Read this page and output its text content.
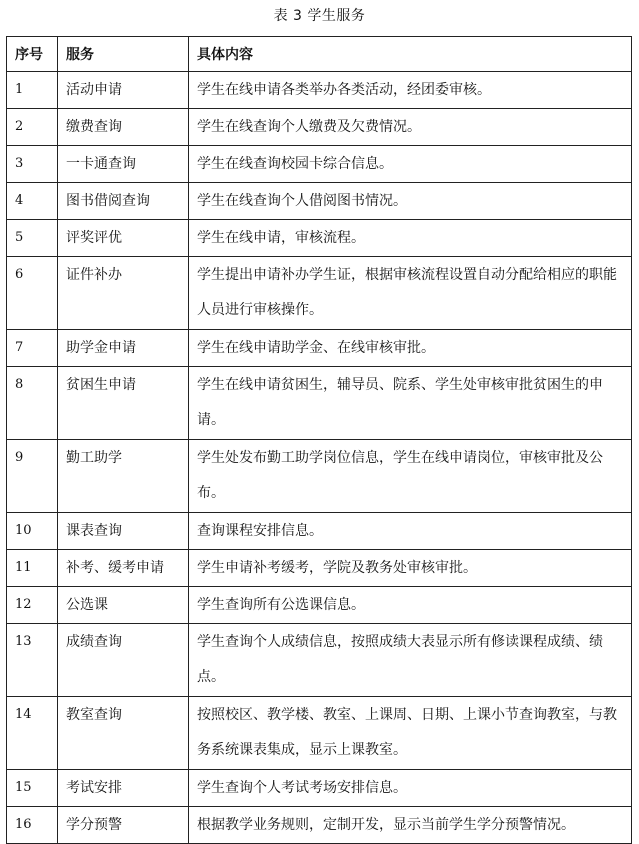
表 3 学生服务
序号	服务	具体内容
1	活动申请	学生在线申请各类举办各类活动，经团委审核。
2	缴费查询	学生在线查询个人缴费及欠费情况。
3	一卡通查询	学生在线查询校园卡综合信息。
4	图书借阅查询	学生在线查询个人借阅图书情况。
5	评奖评优	学生在线申请，审核流程。
6	证件补办	学生提出申请补办学生证，根据审核流程设置自动分配给相应的职能人员进行审核操作。
7	助学金申请	学生在线申请助学金、在线审核审批。
8	贫困生申请	学生在线申请贫困生，辅导员、院系、学生处审核审批贫困生的申请。
9	勤工助学	学生处发布勤工助学岗位信息，学生在线申请岗位，审核审批及公布。
10	课表查询	查询课程安排信息。
11	补考、缓考申请	学生申请补考缓考，学院及教务处审核审批。
12	公选课	学生查询所有公选课信息。
13	成绩查询	学生查询个人成绩信息，按照成绩大表显示所有修读课程成绩、绩点。
14	教室查询	按照校区、教学楼、教室、上课周、日期、上课小节查询教室，与教务系统课表集成，显示上课教室。
15	考试安排	学生查询个人考试考场安排信息。
16	学分预警	根据教学业务规则，定制开发，显示当前学生学分预警情况。
